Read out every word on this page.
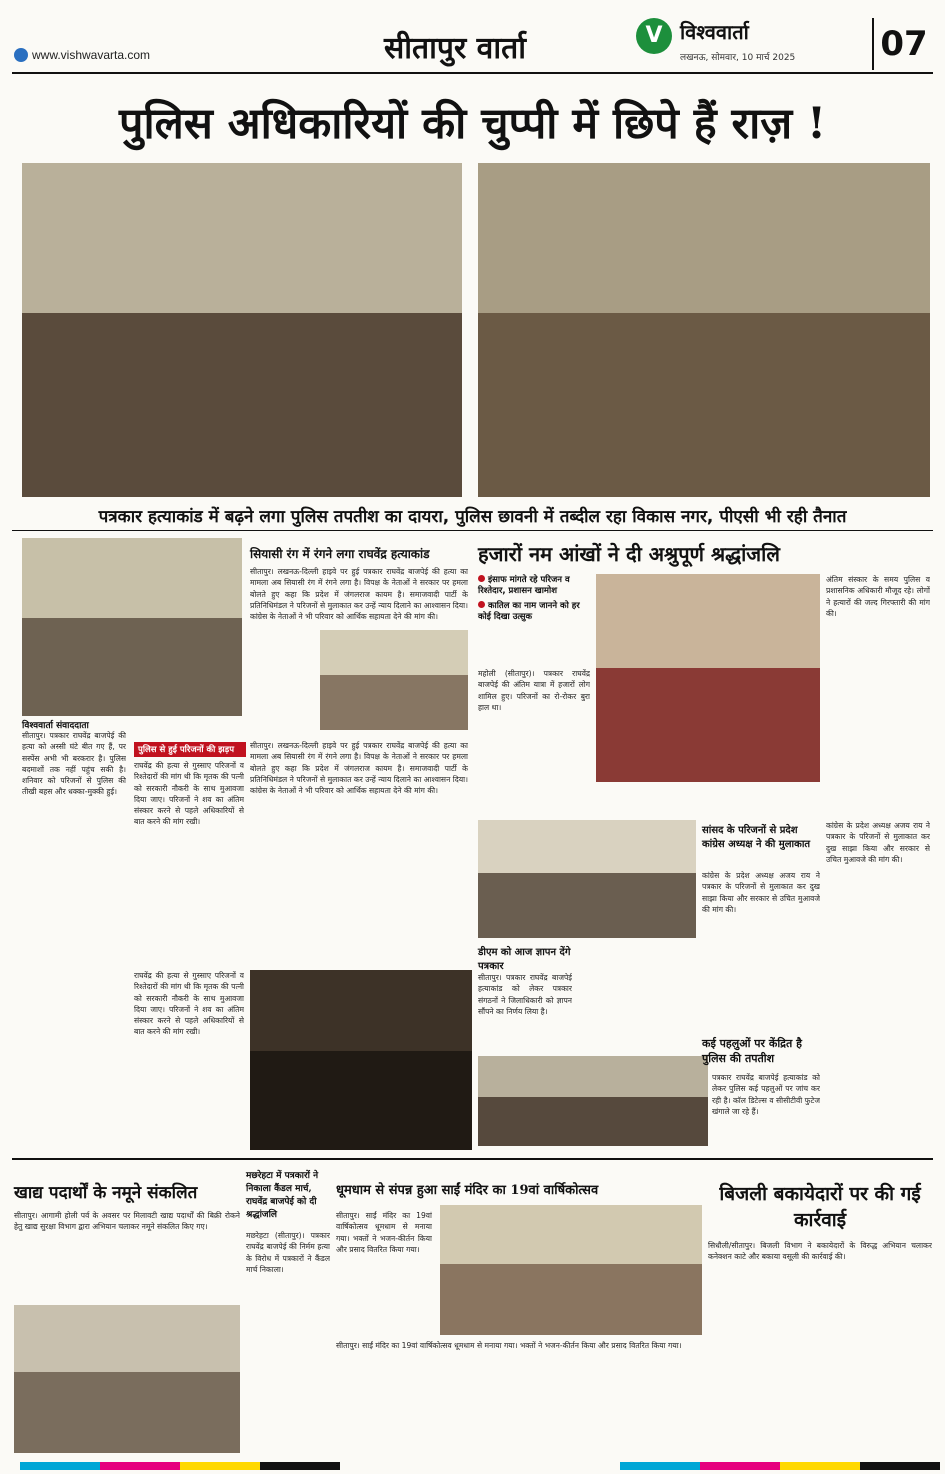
www.vishwavarta.com	सीतापुर वार्ता	V विश्ववार्ता
लखनऊ, सोमवार, 10 मार्च 2025	07
पुलिस अधिकारियों की चुप्पी में छिपे हैं राज़ !
पत्रकार हत्याकांड में बढ़ने लगा पुलिस तपतीश का दायरा, पुलिस छावनी में तब्दील रहा विकास नगर, पीएसी भी रही तैनात
विश्ववार्ता संवाददाता
सीतापुर। पत्रकार राघवेंद्र बाजपेई की हत्या को अस्सी घंटे बीत गए हैं, पर सस्पेंस अभी भी बरकरार है। पुलिस बदमाशों तक नहीं पहुंच सकी है। शनिवार को परिजनों से पुलिस की तीखी बहस और धक्का-मुक्की हुई।
पुलिस से हुई परिजनों की झड़प
राघवेंद्र की हत्या से गुस्साए परिजनों व रिश्तेदारों की मांग थी कि मृतक की पत्नी को सरकारी नौकरी के साथ मुआवजा दिया जाए। परिजनों ने शव का अंतिम संस्कार करने से पहले अधिकारियों से बात करने की मांग रखी।
सियासी रंग में रंगने लगा राघवेंद्र हत्याकांड
सीतापुर। लखनऊ-दिल्ली हाइवे पर हुई पत्रकार राघवेंद्र बाजपेई की हत्या का मामला अब सियासी रंग में रंगने लगा है। विपक्ष के नेताओं ने सरकार पर हमला बोलते हुए कहा कि प्रदेश में जंगलराज कायम है। समाजवादी पार्टी के प्रतिनिधिमंडल ने परिजनों से मुलाकात कर उन्हें न्याय दिलाने का आश्वासन दिया। कांग्रेस के नेताओं ने भी परिवार को आर्थिक सहायता देने की मांग की।
सीतापुर। लखनऊ-दिल्ली हाइवे पर हुई पत्रकार राघवेंद्र बाजपेई की हत्या का मामला अब सियासी रंग में रंगने लगा है। विपक्ष के नेताओं ने सरकार पर हमला बोलते हुए कहा कि प्रदेश में जंगलराज कायम है। समाजवादी पार्टी के प्रतिनिधिमंडल ने परिजनों से मुलाकात कर उन्हें न्याय दिलाने का आश्वासन दिया। कांग्रेस के नेताओं ने भी परिवार को आर्थिक सहायता देने की मांग की।
हजारों नम आंखों ने दी अश्रुपूर्ण श्रद्धांजलि
इंसाफ मांगते रहे परिजन व रिश्तेदार, प्रशासन खामोश
कातिल का नाम जानने को हर कोई दिखा उत्सुक
महोली (सीतापुर)। पत्रकार राघवेंद्र बाजपेई की अंतिम यात्रा में हजारों लोग शामिल हुए। परिजनों का रो-रोकर बुरा हाल था।
अंतिम संस्कार के समय पुलिस व प्रशासनिक अधिकारी मौजूद रहे। लोगों ने हत्यारों की जल्द गिरफ्तारी की मांग की।
सांसद के परिजनों से प्रदेश कांग्रेस अध्यक्ष ने की मुलाकात
कांग्रेस के प्रदेश अध्यक्ष अजय राय ने पत्रकार के परिजनों से मुलाकात कर दुख साझा किया और सरकार से उचित मुआवजे की मांग की।
डीएम को आज ज्ञापन देंगे पत्रकार
सीतापुर। पत्रकार राघवेंद्र बाजपेई हत्याकांड को लेकर पत्रकार संगठनों ने जिलाधिकारी को ज्ञापन सौंपने का निर्णय लिया है।
कई पहलुओं पर केंद्रित है पुलिस की तपतीश
पत्रकार राघवेंद्र बाजपेई हत्याकांड को लेकर पुलिस कई पहलुओं पर जांच कर रही है। कॉल डिटेल्स व सीसीटीवी फुटेज खंगाले जा रहे हैं।
कांग्रेस के प्रदेश अध्यक्ष अजय राय ने पत्रकार के परिजनों से मुलाकात कर दुख साझा किया और सरकार से उचित मुआवजे की मांग की।
राघवेंद्र की हत्या से गुस्साए परिजनों व रिश्तेदारों की मांग थी कि मृतक की पत्नी को सरकारी नौकरी के साथ मुआवजा दिया जाए। परिजनों ने शव का अंतिम संस्कार करने से पहले अधिकारियों से बात करने की मांग रखी।
खाद्य पदार्थों के नमूने संकलित
सीतापुर। आगामी होली पर्व के अवसर पर मिलावटी खाद्य पदार्थों की बिक्री रोकने हेतु खाद्य सुरक्षा विभाग द्वारा अभियान चलाकर नमूने संकलित किए गए।
मछरेहटा में पत्रकारों ने निकाला कैंडल मार्च, राघवेंद्र बाजपेई को दी श्रद्धांजलि
मछरेहटा (सीतापुर)। पत्रकार राघवेंद्र बाजपेई की निर्मम हत्या के विरोध में पत्रकारों ने कैंडल मार्च निकाला।
धूमधाम से संपन्न हुआ साईं मंदिर का 19वां वार्षिकोत्सव
सीतापुर। साईं मंदिर का 19वां वार्षिकोत्सव धूमधाम से मनाया गया। भक्तों ने भजन-कीर्तन किया और प्रसाद वितरित किया गया।
सीतापुर। साईं मंदिर का 19वां वार्षिकोत्सव धूमधाम से मनाया गया। भक्तों ने भजन-कीर्तन किया और प्रसाद वितरित किया गया।
बिजली बकायेदारों पर की गई कार्रवाई
सिधौली/सीतापुर। बिजली विभाग ने बकायेदारों के विरुद्ध अभियान चलाकर कनेक्शन काटे और बकाया वसूली की कार्रवाई की।
